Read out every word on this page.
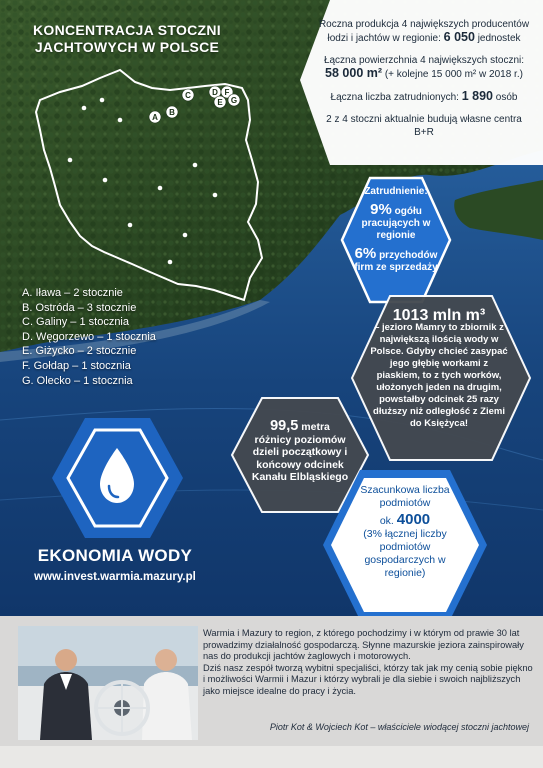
A
B
C	D
E
F
G
KONCENTRACJA STOCZNI JACHTOWYCH W POLSCE
A. Iława – 2 stocznie
B. Ostróda – 3 stocznie
C. Galiny – 1 stocznia
D. Węgorzewo – 1 stocznia
E. Giżycko – 2 stocznie
F. Gołdap – 1 stocznia
G. Olecko – 1 stocznia

Roczna produkcja 4 największych producentów łodzi i jachtów w regionie: 6 050 jednostek

Łączna powierzchnia 4 największych stoczni:
58 000 m² (+ kolejne 15 000 m² w 2018 r.)

Łączna liczba zatrudnionych: 1 890 osób

2 z 4 stoczni aktualnie budują własne centra B+R

Zatrudnienie:
9% ogółu pracujących w regionie
6% przychodów firm ze sprzedaży
1013 mln m³
– jezioro Mamry to zbiornik z największą ilością wody w Polsce. Gdyby chcieć zasypać jego głębię workami z piaskiem, to z tych worków, ułożonych jeden na drugim, powstałby odcinek 25 razy dłuższy niż odległość z Ziemi do Księżyca!
99,5 metra
różnicy poziomów dzieli początkowy i końcowy odcinek Kanału Elbląskiego
Szacunkowa liczba podmiotów
ok. 4000
(3% łącznej liczby podmiotów gospodarczych w regionie)
EKONOMIA WODY
www.invest.warmia.mazury.pl

Warmia i Mazury to region, z którego pochodzimy i w którym od prawie 30 lat prowadzimy działalność gospodarczą. Słynne mazurskie jeziora zainspirowały nas do produkcji jachtów żaglowych i motorowych.

Dziś nasz zespół tworzą wybitni specjaliści, którzy tak jak my cenią sobie piękno i możliwości Warmii i Mazur i którzy wybrali je dla siebie i swoich najbliższych jako miejsce idealne do pracy i życia.

Piotr Kot & Wojciech Kot – właściciele wiodącej stoczni jachtowej
